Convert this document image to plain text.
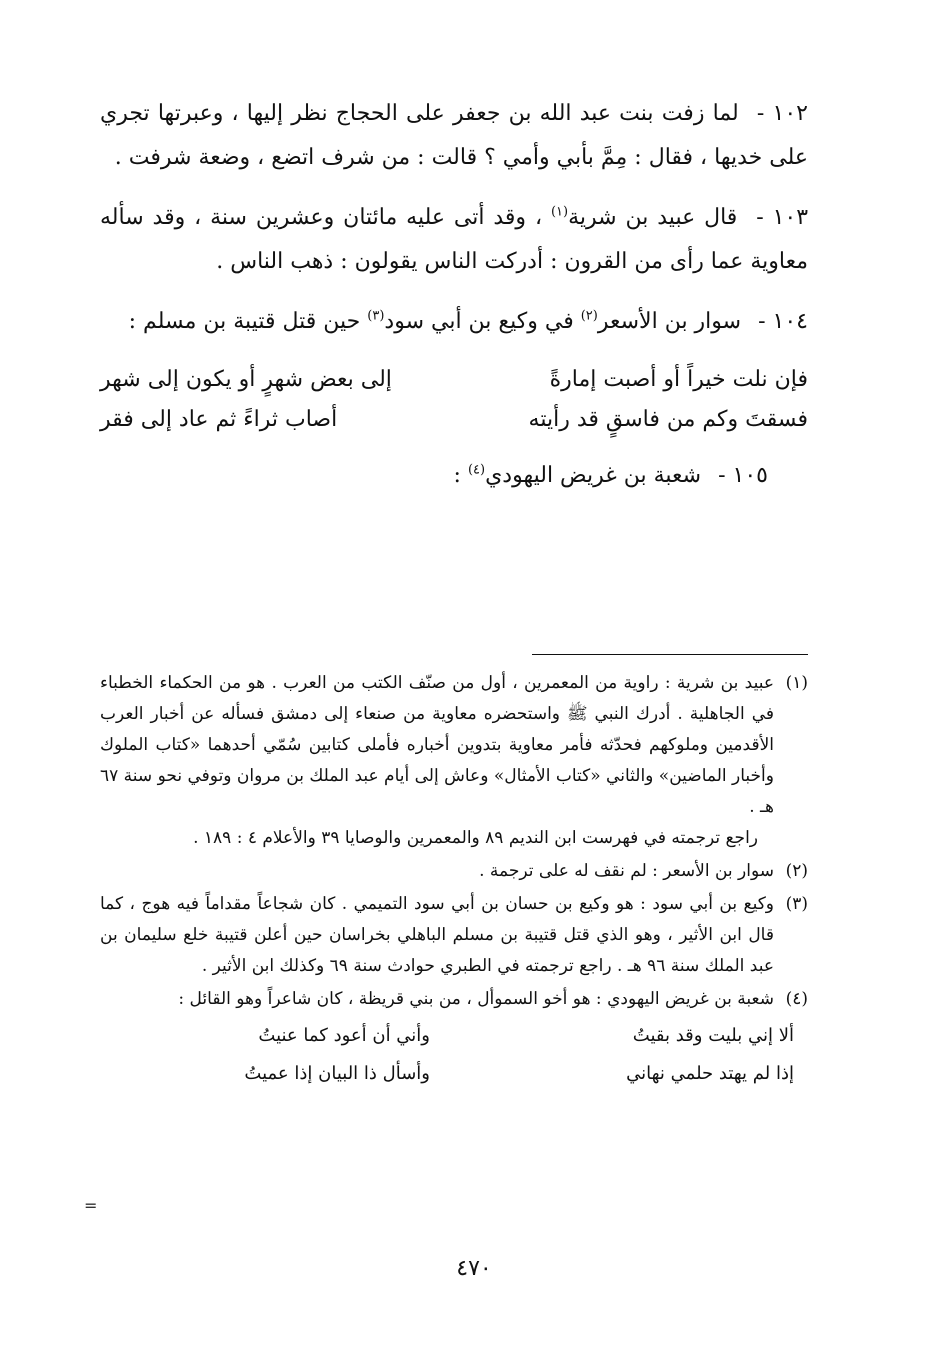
١٠٢ - لما زفت بنت عبد الله بن جعفر على الحجاج نظر إليها ، وعبرتها تجري على خديها ، فقال : مِمَّ بأبي وأمي ؟ قالت : من شرف اتضع ، وضعة شرفت .

١٠٣ - قال عبيد بن شرية$^{(١)}$ ، وقد أتى عليه مائتان وعشرين سنة ، وقد سأله معاوية عما رأى من القرون : أدركت الناس يقولون : ذهب الناس .

١٠٤ - سوار بن الأسعر$^{(٢)}$ في وكيع بن أبي سود$^{(٣)}$ حين قتل قتيبة بن مسلم :

فإن نلت خيراً أو أصبت إمارةً
إلى بعض شهرٍ أو يكون إلى شهر
فسقتَ وكم من فاسقٍ قد رأيته
أصاب ثراءً ثم عاد إلى فقر

١٠٥ - شعبة بن غريض اليهودي$^{(٤)}$ :

(١)

عبيد بن شرية : راوية من المعمرين ، أول من صنّف الكتب من العرب . هو من الحكماء الخطباء في الجاهلية . أدرك النبي ﷺ واستحضره معاوية من صنعاء إلى دمشق فسأله عن أخبار العرب الأقدمين وملوكهم فحدّثه فأمر معاوية بتدوين أخباره فأملى كتابين سُمّي أحدهما «كتاب الملوك وأخبار الماضين» والثاني «كتاب الأمثال» وعاش إلى أيام عبد الملك بن مروان وتوفي نحو سنة ٦٧ هـ .

راجع ترجمته في فهرست ابن النديم ٨٩ والمعمرين والوصايا ٣٩ والأعلام ٤ : ١٨٩ .

(٢)

سوار بن الأسعر : لم نقف له على ترجمة .

(٣)

وكيع بن أبي سود : هو وكيع بن حسان بن أبي سود التميمي . كان شجاعاً مقداماً فيه هوج ، كما قال ابن الأثير ، وهو الذي قتل قتيبة بن مسلم الباهلي بخراسان حين أعلن قتيبة خلع سليمان بن عبد الملك سنة ٩٦ هـ . راجع ترجمته في الطبري حوادث سنة ٦٩ وكذلك ابن الأثير .

(٤)

شعبة بن غريض اليهودي : هو أخو السموأل ، من بني قريظة ، كان شاعراً وهو القائل :

ألا إني بليت وقد بقيتُ
وأني أن أعود كما عنيتُ
إذا لم يهتد حلمي نهاني
وأسأل ذا البيان إذا عميتُ
=
٤٧٠
